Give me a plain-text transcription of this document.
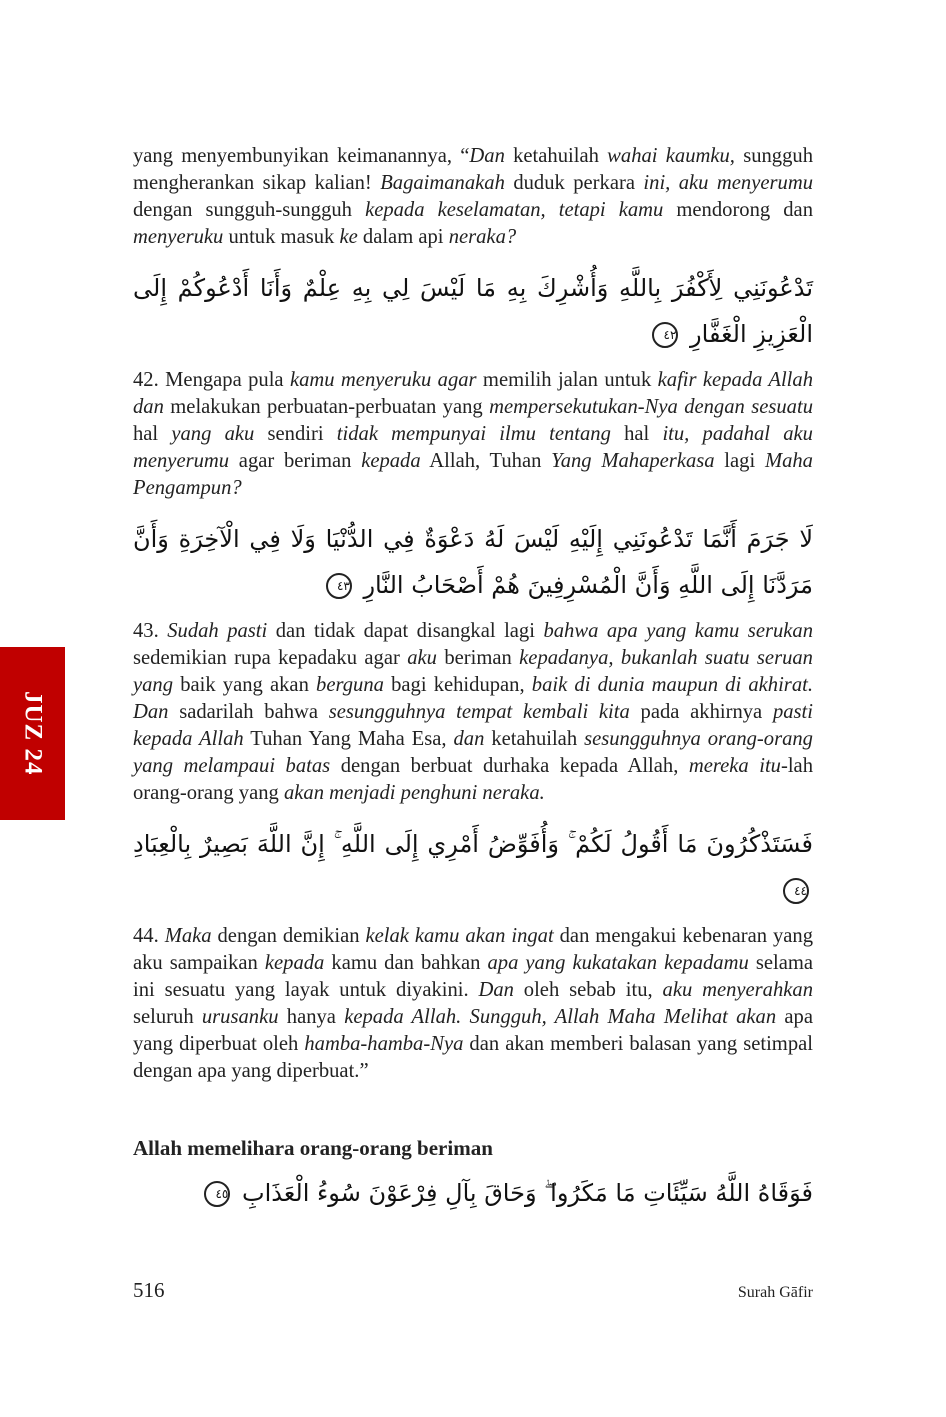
JUZ 24
yang menyembunyikan keimanannya, “Dan ketahuilah wahai kaumku, sungguh mengherankan sikap kalian! Bagaimanakah duduk perkara ini, aku menyerumu dengan sungguh-sungguh kepada keselamatan, tetapi kamu mendorong dan menyeruku untuk masuk ke dalam api neraka?
تَدْعُونَنِي لِأَكْفُرَ بِاللَّهِ وَأُشْرِكَ بِهِ مَا لَيْسَ لِي بِهِ عِلْمٌ وَأَنَا أَدْعُوكُمْ إِلَى الْعَزِيزِ الْغَفَّارِ ٤٢
42. Mengapa pula kamu menyeruku agar memilih jalan untuk kafir kepada Allah dan melakukan perbuatan-perbuatan yang mempersekutukan-Nya dengan sesuatu hal yang aku sendiri tidak mempunyai ilmu tentang hal itu, padahal aku menyerumu agar beriman kepada Allah, Tuhan Yang Mahaperkasa lagi Maha Pengampun?
لَا جَرَمَ أَنَّمَا تَدْعُونَنِي إِلَيْهِ لَيْسَ لَهُ دَعْوَةٌ فِي الدُّنْيَا وَلَا فِي الْآخِرَةِ وَأَنَّ مَرَدَّنَا إِلَى اللَّهِ وَأَنَّ الْمُسْرِفِينَ هُمْ أَصْحَابُ النَّارِ ٤٣
43. Sudah pasti dan tidak dapat disangkal lagi bahwa apa yang kamu serukan sedemikian rupa kepadaku agar aku beriman kepadanya, bukanlah suatu seruan yang baik yang akan berguna bagi kehidupan, baik di dunia maupun di akhirat. Dan sadarilah bahwa sesungguhnya tempat kembali kita pada akhirnya pasti kepada Allah Tuhan Yang Maha Esa, dan ketahuilah sesungguhnya orang-orang yang melampaui batas dengan berbuat durhaka kepada Allah, mereka itu-lah orang-orang yang akan menjadi penghuni neraka.
فَسَتَذْكُرُونَ مَا أَقُولُ لَكُمْ ۚ وَأُفَوِّضُ أَمْرِي إِلَى اللَّهِ ۚ إِنَّ اللَّهَ بَصِيرٌ بِالْعِبَادِ ٤٤
44. Maka dengan demikian kelak kamu akan ingat dan mengakui kebenaran yang aku sampaikan kepada kamu dan bahkan apa yang kukatakan kepadamu selama ini sesuatu yang layak untuk diyakini. Dan oleh sebab itu, aku menyerahkan seluruh urusanku hanya kepada Allah. Sungguh, Allah Maha Melihat akan apa yang diperbuat oleh hamba-hamba-Nya dan akan memberi balasan yang setimpal dengan apa yang diperbuat.”
Allah memelihara orang-orang beriman
فَوَقَاهُ اللَّهُ سَيِّئَاتِ مَا مَكَرُوا ۖ وَحَاقَ بِآلِ فِرْعَوْنَ سُوءُ الْعَذَابِ ٤٥
516	Surah Gāfir
